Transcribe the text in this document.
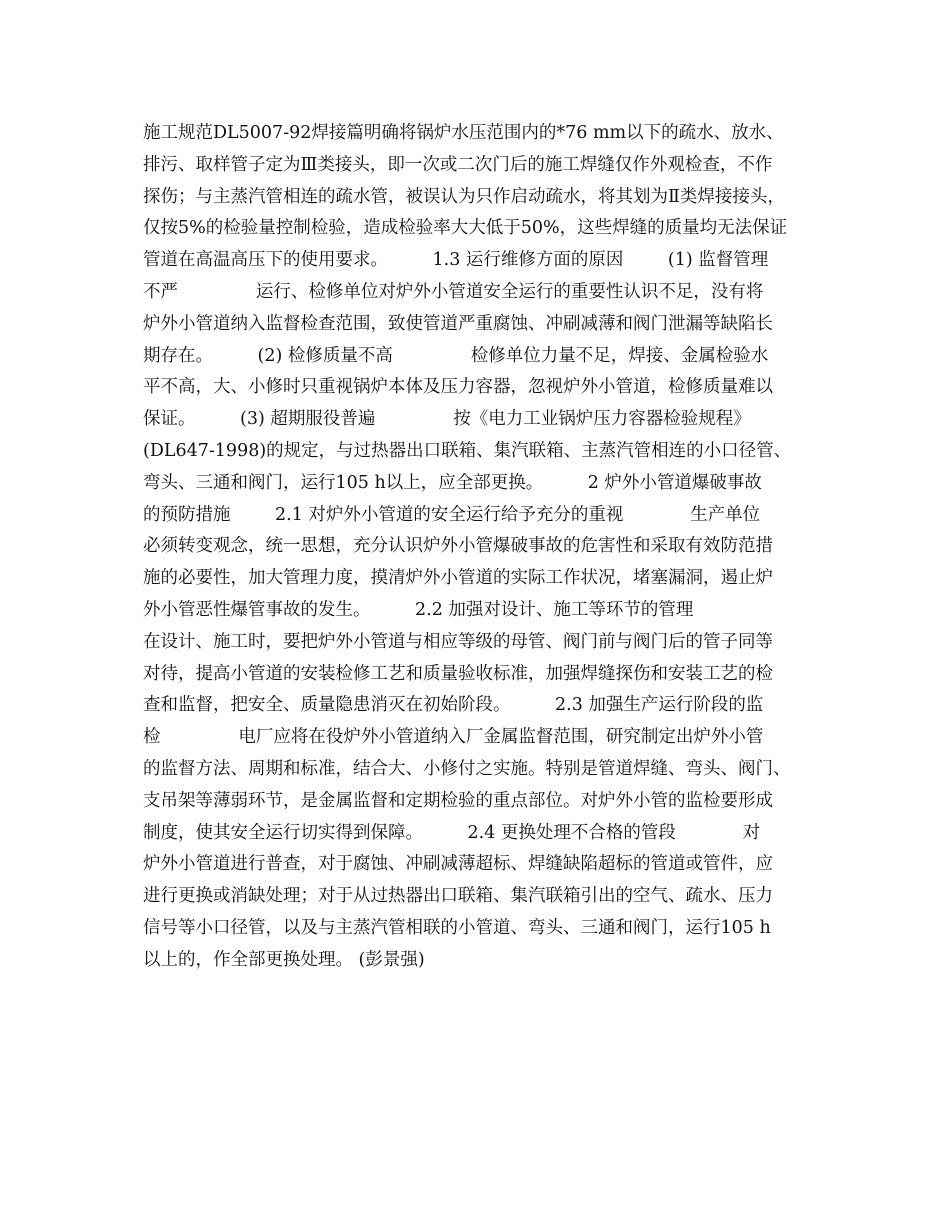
施工规范DL5007-92焊接篇明确将锅炉水压范围内的*76 mm以下的疏水、放水、
排污、取样管子定为Ⅲ类接头，即一次或二次门后的施工焊缝仅作外观检查，不作
探伤；与主蒸汽管相连的疏水管，被误认为只作启动疏水，将其划为Ⅱ类焊接接头，
仅按5%的检验量控制检验，造成检验率大大低于50%，这些焊缝的质量均无法保证
管道在高温高压下的使用要求。        1.3 运行维修方面的原因        (1) 监督管理
不严              运行、检修单位对炉外小管道安全运行的重要性认识不足，没有将
炉外小管道纳入监督检查范围，致使管道严重腐蚀、冲刷减薄和阀门泄漏等缺陷长
期存在。        (2) 检修质量不高              检修单位力量不足，焊接、金属检验水
平不高，大、小修时只重视锅炉本体及压力容器，忽视炉外小管道，检修质量难以
保证。        (3) 超期服役普遍              按《电力工业锅炉压力容器检验规程》
(DL647-1998)的规定，与过热器出口联箱、集汽联箱、主蒸汽管相连的小口径管、
弯头、三通和阀门，运行105 h以上，应全部更换。        2 炉外小管道爆破事故
的预防措施        2.1 对炉外小管道的安全运行给予充分的重视            生产单位
必须转变观念，统一思想，充分认识炉外小管爆破事故的危害性和采取有效防范措
施的必要性，加大管理力度，摸清炉外小管道的实际工作状况，堵塞漏洞，遏止炉
外小管恶性爆管事故的发生。        2.2 加强对设计、施工等环节的管理
在设计、施工时，要把炉外小管道与相应等级的母管、阀门前与阀门后的管子同等
对待，提高小管道的安装检修工艺和质量验收标准，加强焊缝探伤和安装工艺的检
查和监督，把安全、质量隐患消灭在初始阶段。        2.3 加强生产运行阶段的监
检              电厂应将在役炉外小管道纳入厂金属监督范围，研究制定出炉外小管
的监督方法、周期和标准，结合大、小修付之实施。特别是管道焊缝、弯头、阀门、
支吊架等薄弱环节，是金属监督和定期检验的重点部位。对炉外小管的监检要形成
制度，使其安全运行切实得到保障。        2.4 更换处理不合格的管段            对
炉外小管道进行普查，对于腐蚀、冲刷减薄超标、焊缝缺陷超标的管道或管件，应
进行更换或消缺处理；对于从过热器出口联箱、集汽联箱引出的空气、疏水、压力
信号等小口径管，以及与主蒸汽管相联的小管道、弯头、三通和阀门，运行105 h
以上的，作全部更换处理。 (彭景强)
